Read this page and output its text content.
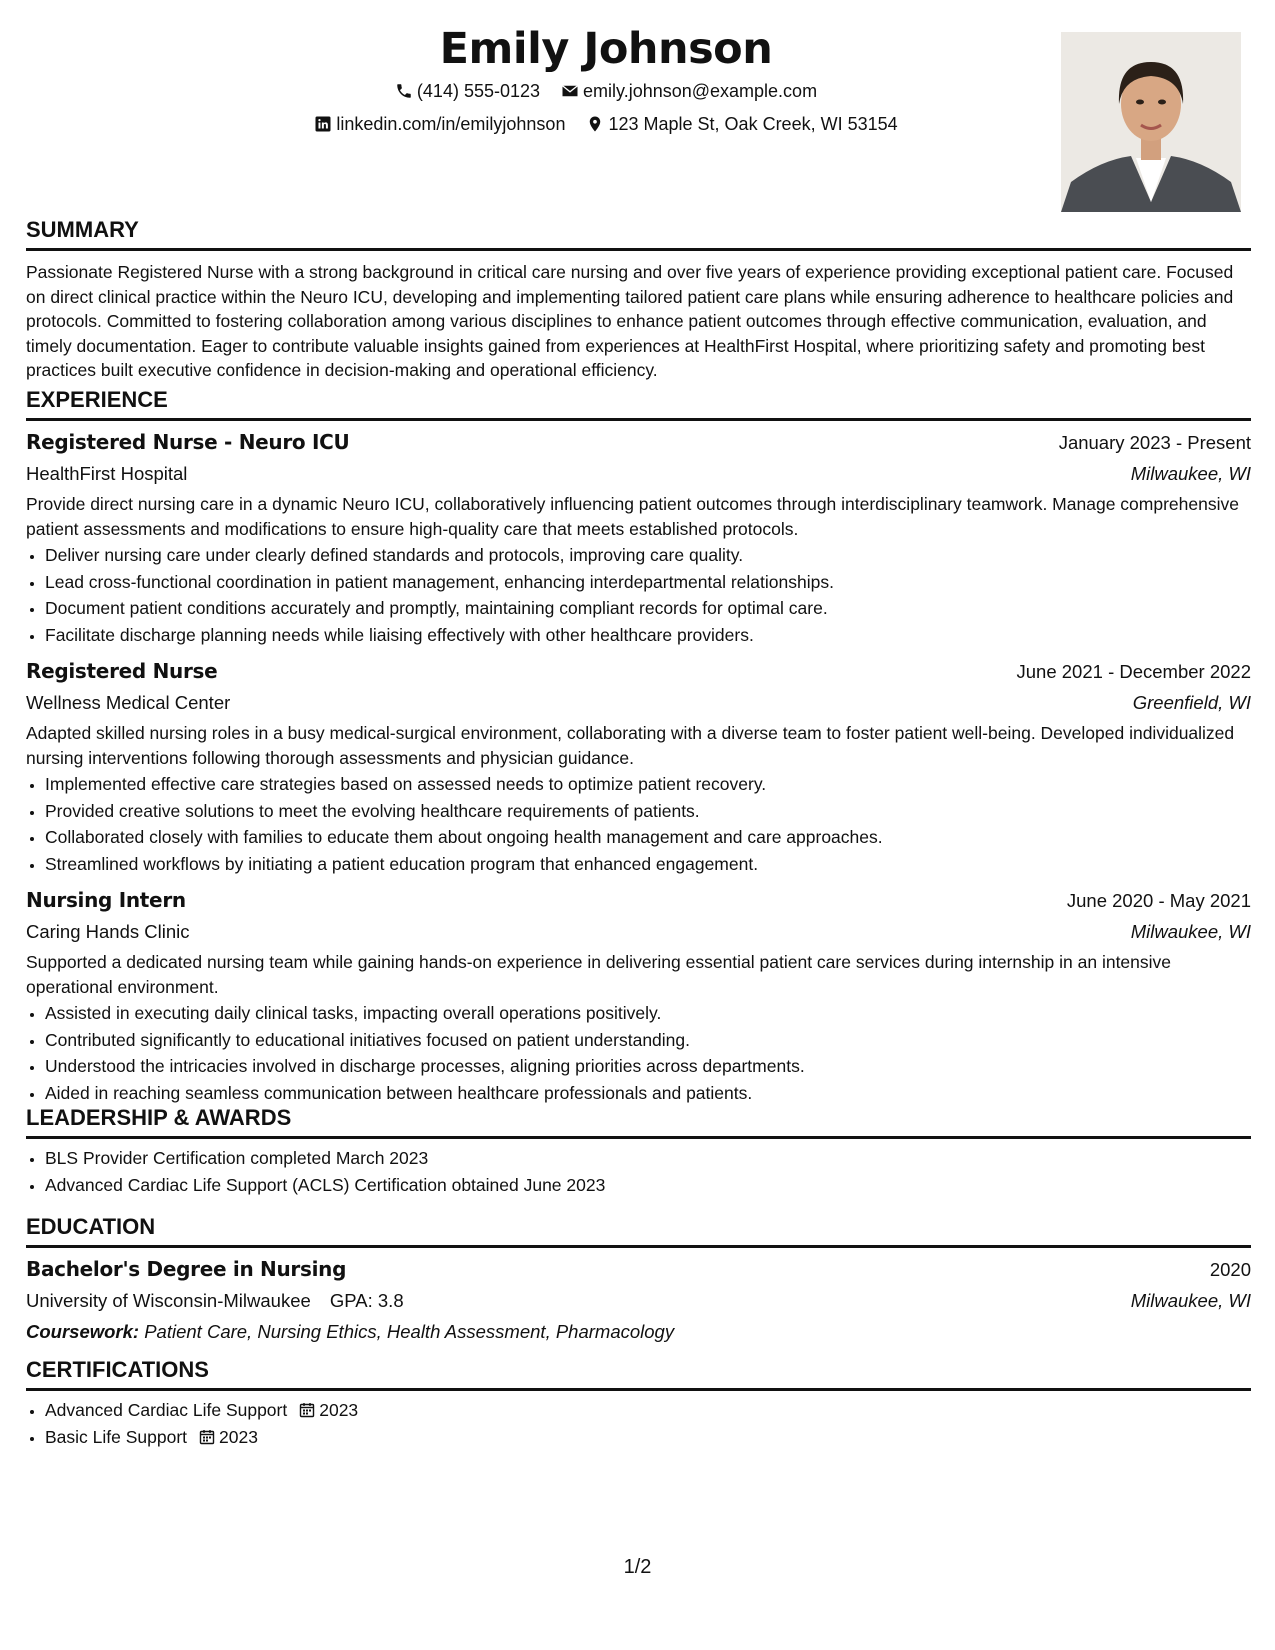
Emily Johnson
(414) 555-0123
emily.johnson@example.com
linkedin.com/in/emilyjohnson
123 Maple St, Oak Creek, WI 53154
SUMMARY

Passionate Registered Nurse with a strong background in critical care nursing and over five years of experience providing exceptional patient care. Focused on direct clinical practice within the Neuro ICU, developing and implementing tailored patient care plans while ensuring adherence to healthcare policies and protocols. Committed to fostering collaboration among various disciplines to enhance patient outcomes through effective communication, evaluation, and timely documentation. Eager to contribute valuable insights gained from experiences at HealthFirst Hospital, where prioritizing safety and promoting best practices built executive confidence in decision-making and operational efficiency.

EXPERIENCE
Registered Nurse - Neuro ICU	January 2023 - Present
HealthFirst Hospital	Milwaukee, WI

Provide direct nursing care in a dynamic Neuro ICU, collaboratively influencing patient outcomes through interdisciplinary teamwork. Manage comprehensive patient assessments and modifications to ensure high-quality care that meets established protocols.

• Deliver nursing care under clearly defined standards and protocols, improving care quality.
• Lead cross-functional coordination in patient management, enhancing interdepartmental relationships.
• Document patient conditions accurately and promptly, maintaining compliant records for optimal care.
• Facilitate discharge planning needs while liaising effectively with other healthcare providers.
Registered Nurse	June 2021 - December 2022
Wellness Medical Center	Greenfield, WI

Adapted skilled nursing roles in a busy medical-surgical environment, collaborating with a diverse team to foster patient well-being. Developed individualized nursing interventions following thorough assessments and physician guidance.

• Implemented effective care strategies based on assessed needs to optimize patient recovery.
• Provided creative solutions to meet the evolving healthcare requirements of patients.
• Collaborated closely with families to educate them about ongoing health management and care approaches.
• Streamlined workflows by initiating a patient education program that enhanced engagement.
Nursing Intern	June 2020 - May 2021
Caring Hands Clinic	Milwaukee, WI

Supported a dedicated nursing team while gaining hands-on experience in delivering essential patient care services during internship in an intensive operational environment.

• Assisted in executing daily clinical tasks, impacting overall operations positively.
• Contributed significantly to educational initiatives focused on patient understanding.
• Understood the intricacies involved in discharge processes, aligning priorities across departments.
• Aided in reaching seamless communication between healthcare professionals and patients.
LEADERSHIP & AWARDS
• BLS Provider Certification completed March 2023
• Advanced Cardiac Life Support (ACLS) Certification obtained June 2023
EDUCATION
Bachelor's Degree in Nursing	2020
University of Wisconsin-Milwaukee GPA: 3.8	Milwaukee, WI
Coursework: Patient Care, Nursing Ethics, Health Assessment, Pharmacology
CERTIFICATIONS
• Advanced Cardiac Life Support 2023
• Basic Life Support 2023
1/2
